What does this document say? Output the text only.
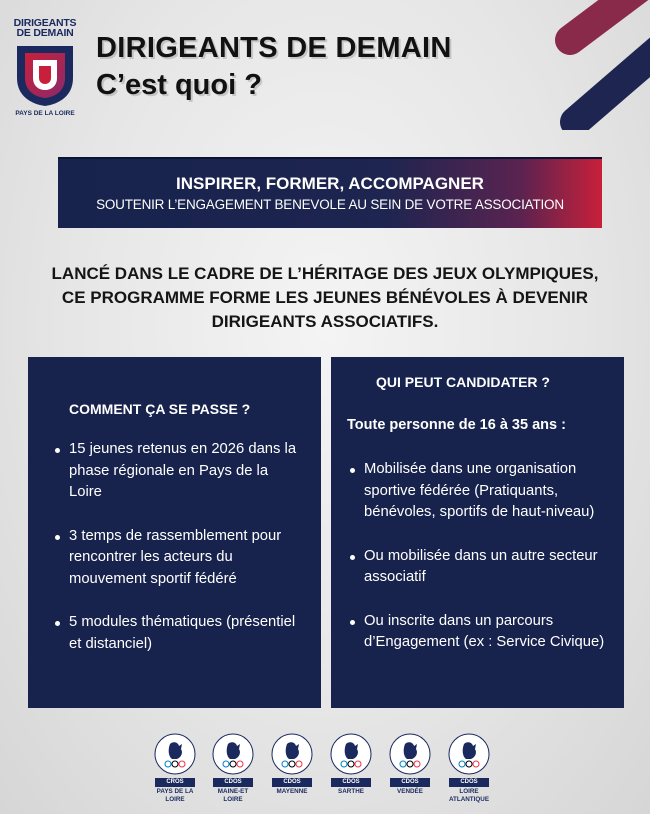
DIRIGEANTS
DE DEMAIN
PAYS DE LA LOIRE
DIRIGEANTS DE DEMAIN
C’est quoi ?
INSPIRER, FORMER, ACCOMPAGNER
SOUTENIR L’ENGAGEMENT BENEVOLE AU SEIN DE VOTRE ASSOCIATION
LANCÉ DANS LE CADRE DE L’HÉRITAGE DES JEUX OLYMPIQUES,
CE PROGRAMME FORME LES JEUNES BÉNÉVOLES À DEVENIR
DIRIGEANTS ASSOCIATIFS.
COMMENT ÇA SE PASSE ?
15 jeunes retenus en 2026 dans la phase régionale en Pays de la Loire
3 temps de rassemblement pour rencontrer les acteurs du mouvement sportif fédéré
5 modules thématiques (présentiel et distanciel)
QUI PEUT CANDIDATER ?
Toute personne de 16 à 35 ans :
Mobilisée dans une organisation sportive fédérée (Pratiquants, bénévoles, sportifs de haut-niveau)
Ou mobilisée dans un autre secteur associatif
Ou inscrite dans un parcours d’Engagement (ex : Service Civique)
CROS
PAYS DE LA
LOIRE
CDOS
MAINE-ET
LOIRE
CDOS
MAYENNE
CDOS
SARTHE
CDOS
VENDÉE
CDOS
LOIRE
ATLANTIQUE
